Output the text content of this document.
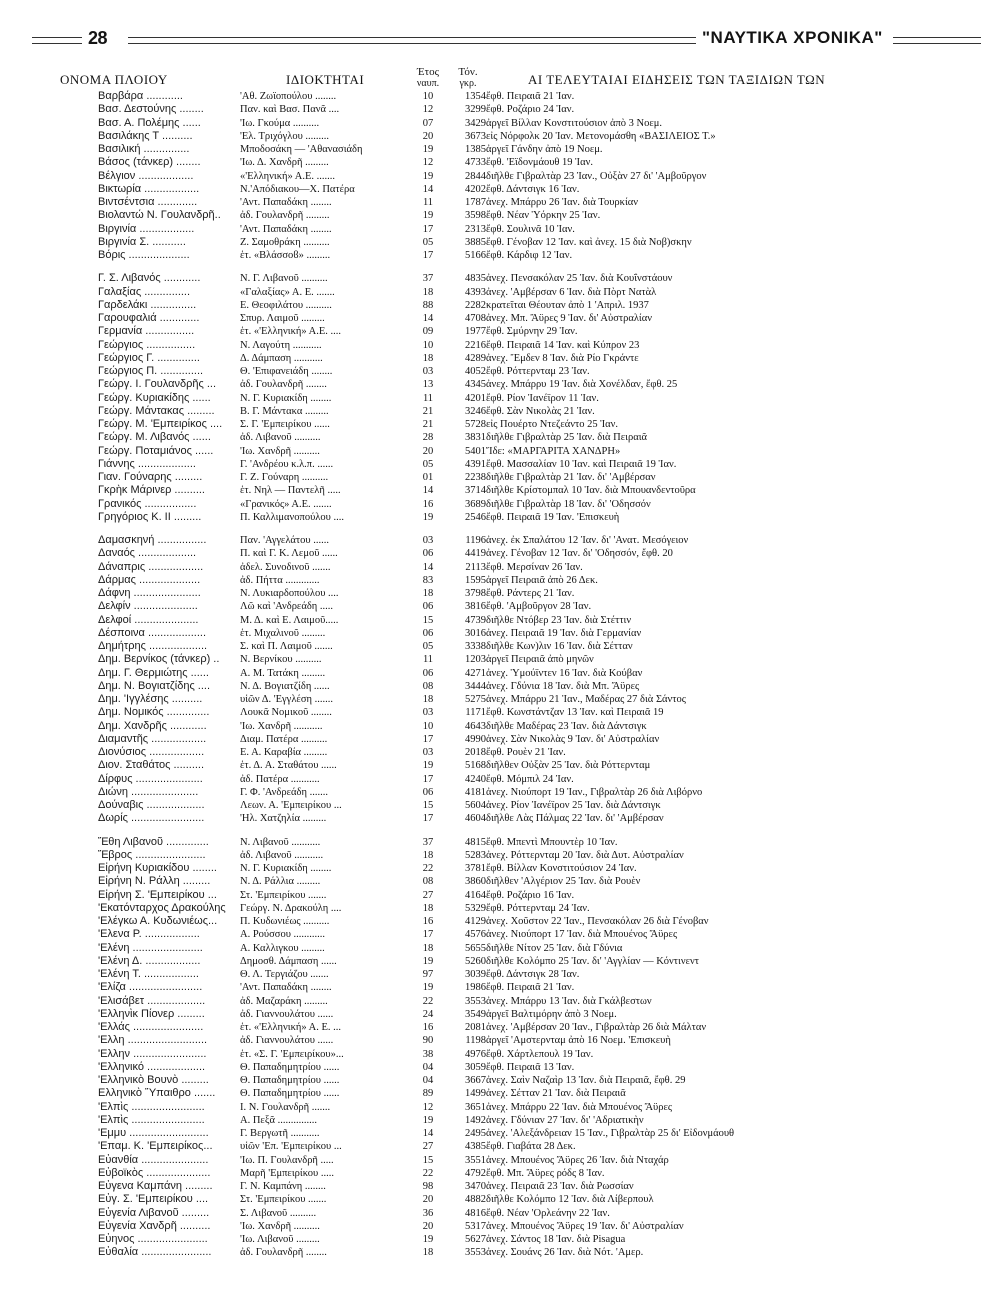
28	"ΝΑΥΤΙΚΑ ΧΡΟΝΙΚΑ"
ΟΝΟΜΑ ΠΛΟΙΟΥ	ΙΔΙΟΚΤΗΤΑΙ	Έτος
ναυπ.
Τόν.
γκρ.	ΑΙ ΤΕΛΕΥΤΑΙΑΙ ΕΙΔΗΣΕΙΣ ΤΩΝ ΤΑΞΙΔΙΩΝ ΤΩΝ
Βαρβάρα ............	'Αθ. Ζωϊοπούλου ........	10	1354 ἔφθ. Πειραιᾶ 21 Ἰαν.
Βασ. Δεστούνης ........	Παν. καὶ Βασ. Πανᾶ ....	12	3299 ἔφθ. Ροζάριο 24 Ἰαν.
Βασ. Α. Πολέμης ......	'Ιω. Γκούμα ..........	07	3429 ἀργεῖ Βίλλαν Κονστιτούσιον ἀπὸ 3 Νοεμ.
Βασιλάκης Τ ..........	'Ελ. Τριχόγλου .........	20	3673 εἰς Νόρφολκ 20 Ἰαν. Μετονομάσθη «ΒΑΣΙΛΕΙΟΣ Τ.»
Βασιλική ...............	Μποδοσάκη — 'Αθανασιάδη	19	1385 ἀργεῖ Γάνδην ἀπὸ 19 Νοεμ.
Βάσος (τάνκερ) ........	'Ιω. Δ. Χανδρῆ .........	12	4733 ἔφθ. 'Εϊδονμάουθ 19 Ἰαν.
Βέλγιον ..................	«'Ελληνική» Α.Ε. .......	19	2844 διῆλθε Γιβραλτὰρ 23 Ἰαν., Οὐξὰν 27 δι' 'Αμβοῦργον
Βικτωρία ..................	Ν.'Απόδιακου—Χ. Πατέρα	14	4202 ἔφθ. Δάντσιγκ 16 Ἰαν.
Βιντσέντσια .............	'Αντ. Παπαδάκη ........	11	1787 ἀνεχ. Μπάρρυ 26 Ἰαν. διὰ Τουρκίαν
Βιολαντώ Ν. Γουλανδρῆ..	ἀδ. Γουλανδρῆ .........	19	3598 ἔφθ. Νέαν Ὑόρκην 25 Ἰαν.
Βιργινία ..................	'Αντ. Παπαδάκη ........	17	2313 ἔφθ. Σουλινᾶ 10 Ἰαν.
Βιργινία Σ. ...........	Ζ. Σαμοθράκη ..........	05	3885 ἔφθ. Γένοβαν 12 Ἰαν. καὶ ἀνεχ. 15 διὰ Νοβ)σκην
Βόρις ....................	ἑτ. «Βλάσσοϐ» .........	17	5166 ἔφθ. Κάρδιφ 12 Ἰαν.
Γ. Σ. Λιβανός ............	Ν. Γ. Λιβανοῦ ..........	37	4835 ἀνεχ. Πενσακόλαν 25 Ἰαν. διὰ Κουΐνστάουν
Γαλαξίας ...............	«Γαλαξίας» Α. Ε. .......	18	4393 ἀνεχ. 'Αμβέρσαν 6 Ἰαν. διὰ Πὸρτ Νατὰλ
Γαρδελάκι ...............	Ε. Θεοφιλάτου ..........	88	2282 κρατεῖται Θέουταν ἀπὸ 1 'Απριλ. 1937
Γαρουφαλιά .............	Σπυρ. Λαιμοῦ .........	14	4708 ἀνεχ. Μπ. Ἄϋρες 9 Ἰαν. δι' Αὐστραλίαν
Γερμανία ................	ἑτ. «'Ελληνική» Α.Ε. ....	09	1977 ἔφθ. Σμύρνην 29 Ἰαν.
Γεώργιος ................	Ν. Λαγούτη ...........	10	2216 ἔφθ. Πειραιᾶ 14 Ἰαν. καὶ Κύπρον 23
Γεώργιος Γ. ..............	Δ. Δάμπαση ...........	18	4289 ἀνεχ. Ἔμδεν 8 Ἰαν. διὰ Ρίο Γκράντε
Γεώργιος Π. ..............	Θ. 'Επιφανειάδη ........	03	4052 ἔφθ. Ρόττερνταμ 23 Ἰαν.
Γεώργ. Ι. Γουλανδρῆς ...	ἀδ. Γουλανδρῆ ........	13	4345 ἀνεχ. Μπάρρυ 19 Ἰαν. διὰ Χονέλδαν, ἔφθ. 25
Γεώργ. Κυριακίδης ......	Ν. Γ. Κυριακίδη ........	11	4201 ἔφθ. Ρίον Ἰανέϊρον 11 Ἰαν.
Γεώργ. Μάντακας .........	Β. Γ. Μάντακα .........	21	3246 ἔφθ. Σὰν Νικολὰς 21 Ἰαν.
Γεώργ. Μ. 'Εμπειρίκος ....	Σ. Γ. 'Εμπειρίκου ......	21	5728 εἰς Πουέρτο Ντεζεάντο 25 Ἰαν.
Γεώργ. Μ. Λιβανός ......	ἀδ. Λιβανοῦ ..........	28	3831 διῆλθε Γιβραλτὰρ 25 Ἰαν. διὰ Πειραιᾶ
Γεώργ. Ποταμιάνος ......	'Ιω. Χανδρῆ ..........	20	5401 Ἴδε: «ΜΑΡΓΑΡΙΤΑ ΧΑΝΔΡΗ»
Γιάννης ...................	Γ. 'Ανδρέου κ.λ.π. ......	05	4391 ἔφθ. Μασσαλίαν 10 Ἰαν. καὶ Πειραιᾶ 19 Ἰαν.
Γιαν. Γούναρης .........	Γ. Ζ. Γούναρη ..........	01	2238 διῆλθε Γιβραλτὰρ 21 Ἰαν. δι' 'Αμβέρσαν
Γκρὴκ Μάρινερ ..........	ἑτ. Νηλ — Παντελῆ .....	14	3714 διῆλθε Κρίστομπαλ 10 Ἰαν. διὰ Μπουανδεντοῦρα
Γρανικός .................	«Γρανικός» Α.Ε. .......	16	3689 διῆλθε Γιβραλτὰρ 18 Ἰαν. δι' 'Οδησσόν
Γρηγόριος Κ. ΙΙ .........	Π. Καλλιμανοπούλου ....	19	2546 ἔφθ. Πειραιᾶ 19 Ἰαν. 'Επισκευὴ
Δαμασκηνή ................	Παν. 'Αγγελάτου ......	03	1196 ἀνεχ. ἐκ Σπαλάτου 12 Ἰαν. δι' 'Ανατ. Μεσόγειον
Δαναός ...................	Π. καὶ Γ. Κ. Λεμοῦ ......	06	4419 ἀνεχ. Γένοβαν 12 Ἰαν. δι' 'Οδησσόν, ἔφθ. 20
Δάναπρις ..................	ἀδελ. Συνοδινοῦ .......	14	2113 ἔφθ. Μερσίναν 26 Ἰαν.
Δάρμας ....................	ἀδ. Πήττα .............	83	1595 ἀργεῖ Πειραιᾶ ἀπὸ 26 Δεκ.
Δάφνη ......................	Ν. Λυκιαρδοπούλου ....	18	3798 ἔφθ. Ράντερς 21 Ἰαν.
Δελφίν .....................	Λῶ καὶ 'Ανδρεάδη .....	06	3816 ἔφθ. 'Αμβοῦργον 28 Ἰαν.
Δελφοί .....................	Μ. Δ. καὶ Ε. Λαιμοῦ.....	15	4739 διῆλθε Ντόβερ 23 Ἰαν. διὰ Στέττιν
Δέσποινα ...................	ἑτ. Μιχαλινοῦ .........	06	3016 ἀνεχ. Πειραιᾶ 19 Ἰαν. διὰ Γερμανίαν
Δημήτρης ...................	Σ. καὶ Π. Λαιμοῦ .......	05	3338 διῆλθε Κων)λιν 16 Ἰαν. διὰ Σέτταν
Δημ. Βερνίκος (τάνκερ) ..	Ν. Βερνίκου ..........	11	1203 ἀργεῖ Πειραιᾶ ἀπὸ μηνῶν
Δημ. Γ. Θερμιώτης ......	Α. Μ. Τατάκη .........	06	4271 ἀνεχ. Ὑμούϊντεν 16 Ἰαν. διὰ Κούβαν
Δημ. Ν. Βογιατζίδης ....	Ν. Δ. Βογιατζίδη ......	08	3444 ἀνεχ. Γδύνια 18 Ἰαν. διὰ Μπ. Ἄϋρες
Δημ. 'Ιγγλέσης ..........	υἱῶν Δ. 'Εγγλέση .......	18	5275 ἀνεχ. Μπάρρυ 21 Ἰαν., Μαδέρας 27 διὰ Σάντος
Δημ. Νομικός ..............	Λουκᾶ Νομικοῦ ........	03	1171 ἔφθ. Κωνστάντζαν 13 Ἰαν. καὶ Πειραιᾶ 19
Δημ. Χανδρῆς ............	'Ιω. Χανδρῆ ...........	10	4643 διῆλθε Μαδέρας 23 Ἰαν. διὰ Δάντσιγκ
Διαμαντῆς ..................	Διαμ. Πατέρα ..........	17	4990 ἀνεχ. Σὰν Νικολὰς 9 Ἰαν. δι' Αὐστραλίαν
Διονύσιος ..................	Ε. Α. Καραβία .........	03	2018 ἔφθ. Ρουὲν 21 Ἰαν.
Διον. Σταθάτος ..........	ἑτ. Δ. Α. Σταθάτου ......	19	5168 διῆλθεν Οὐξὰν 25 Ἰαν. διὰ Ρόττερνταμ
Δίρφυς ......................	ἀδ. Πατέρα ...........	17	4240 ἔφθ. Μόμπιλ 24 Ἰαν.
Διώνη ......................	Γ. Φ. 'Ανδρεάδη .......	06	4181 ἀνεχ. Νιούπορτ 19 Ἰαν., Γιβραλτὰρ 26 διὰ Λιβόρνο
Δούναβις ...................	Λεων. Α. 'Εμπειρίκου ...	15	5604 ἀνεχ. Ρίον Ἰανέϊρον 25 Ἰαν. διὰ Δάντσιγκ
Δωρίς ........................	'Ηλ. Χατζηλία .........	17	4604 διῆλθε Λὰς Πάλμας 22 Ἰαν. δι' 'Αμβέρσαν
Ἔθη Λιβανοῦ ..............	Ν. Λιβανοῦ ...........	37	4815 ἔφθ. Μπεντὶ Μπουντὲρ 10 Ἰαν.
Ἔβρος .......................	ἀδ. Λιβανοῦ ...........	18	5283 ἀνεχ. Ρόττερνταμ 20 Ἰαν. διὰ Δυτ. Αὐστραλίαν
Εἰρήνη Κυριακίδου ........	Ν. Γ. Κυριακίδη ........	22	3781 ἔφθ. Βίλλαν Κονστιτούσιον 24 Ἰαν.
Εἰρήνη Ν. Ράλλη .........	Ν. Δ. Ράλλια .........	08	3860 διῆλθεν 'Αλγέριον 25 Ἰαν. διὰ Ρουὲν
Εἰρήνη Σ. 'Εμπειρίκου ...	Στ. 'Εμπειρίκου .......	27	4164 ἔφθ. Ροζάριο 16 Ἰαν.
'Εκατόνταρχος Δρακούλης	Γεώργ. Ν. Δρακούλη ....	18	5329 ἔφθ. Ρόττερνταμ 24 Ἰαν.
'Ελέγκω Α. Κυδωνιέως...	Π. Κυδωνιέως ..........	16	4129 ἀνεχ. Χοῦστον 22 Ἰαν., Πενσακόλαν 26 διὰ Γένοβαν
'Ελενα Ρ. ..................	Α. Ρούσσου ............	17	4576 ἀνεχ. Νιούπορτ 17 Ἰαν. διὰ Μπουένος Ἄϋρες
'Ελένη .......................	Α. Καλλιγκου .........	18	5655 διῆλθε Νίτον 25 Ἰαν. διὰ Γδύνια
'Ελένη Δ. ..................	Δημοσθ. Δάμπαση ......	19	5260 διῆλθε Κολόμπο 25 Ἰαν. δι' 'Αγγλίαν — Κόντινεντ
'Ελένη Τ. ..................	Θ. Λ. Τεργιάζου .......	97	3039 ἔφθ. Δάντσιγκ 28 Ἰαν.
'Ελίζα ........................	'Αντ. Παπαδάκη ........	19	1986 ἔφθ. Πειραιᾶ 21 Ἰαν.
'Ελισάβετ ...................	ἀδ. Μαζαράκη .........	22	3553 ἀνεχ. Μπάρρυ 13 Ἰαν. διὰ Γκάλβεστων
'Ελληνὶκ Πίονερ .........	ἀδ. Γιαννουλάτου ......	24	3549 ἀργεῖ Βαλτιμόρην ἀπὸ 3 Νοεμ.
'Ελλάς .......................	ἑτ. «'Ελληνική» Α. Ε. ...	16	2081 ἀνεχ. 'Αμβέρσαν 20 Ἰαν., Γιβραλτὰρ 26 διὰ Μάλταν
'Ελλη ..........................	ἀδ. Γιαννουλάτου ......	90	1198 ἀργεῖ 'Αμστερνταμ ἀπὸ 16 Νοεμ. 'Επισκευὴ
'Ελλην ........................	ἑτ. «Σ. Γ. 'Εμπειρίκου»...	38	4976 ἔφθ. Χάρτλεπουλ 19 Ἰαν.
'Ελληνικό ...................	Θ. Παπαδημητρίου ......	04	3059 ἔφθ. Πειραιᾶ 13 Ἰαν.
'Ελληνικὸ Βουνὸ .........	Θ. Παπαδημητρίου ......	04	3667 ἀνεχ. Σαὶν Ναζαὶρ 13 Ἰαν. διὰ Πειραιᾶ, ἔφθ. 29
Ελληνικὸ Ὕπαιθρο .......	Θ. Παπαδημητρίου ......	89	1499 ἀνεχ. Σέτταν 21 Ἰαν. διὰ Πειραιᾶ
'Ελπὶς ........................	Ι. Ν. Γουλανδρῆ .......	12	3651 ἀνεχ. Μπάρρυ 22 Ἰαν. διὰ Μπουένος Ἄϋρες
'Ελπὶς ........................	Α. Πεξᾶ ...............	19	1492 ἀνεχ. Γδύνιαν 27 Ἰαν. δι' 'Αδριατικὴν
'Εμμυ ..........................	Γ. Βεργωτῆ ...........	14	2495 ἀνεχ. 'Αλεξάνδρειαν 15 Ἰαν., Γιβραλτὰρ 25 δι' Εἰδονμάουθ
'Επαμ. Κ. 'Εμπειρίκος...	υἱῶν 'Επ. 'Εμπειρίκου ...	27	4385 ἔφθ. Γιαβάτα 28 Δεκ.
Εὐανθία ......................	'Ιω. Π. Γουλανδρῆ .....	15	3551 ἀνεχ. Μπουένος Ἄϋρες 26 Ἰαν. διὰ Νταχάρ
Εὐβοϊκὸς .....................	Μαρῆ 'Εμπειρίκου .....	22	4792 ἔφθ. Μπ. Ἄϋρες ρόδς 8 Ἰαν.
Εὐγενα Καμπάνη .........	Γ. Ν. Καμπάνη ........	98	3470 ἀνεχ. Πειραιᾶ 23 Ἰαν. διὰ Ρωσσίαν
Εὐγ. Σ. 'Εμπειρίκου ....	Στ. 'Εμπειρίκου .......	20	4882 διῆλθε Κολόμπο 12 Ἰαν. διὰ Λίβερπουλ
Εὐγενία Λιβανοῦ .........	Σ. Λιβανοῦ ..........	36	4816 ἔφθ. Νέαν 'Ορλεάνην 22 Ἰαν.
Εὐγενία Χανδρῆ ..........	'Ιω. Χανδρῆ ..........	20	5317 ἀνεχ. Μπουένος Ἄϋρες 19 Ἰαν. δι' Αὐστραλίαν
Εὐηνος .......................	'Ιω. Λιβανοῦ .........	19	5627 ἀνεχ. Σάντος 18 Ἰαν. διὰ Pisagua
Εὐθαλία .......................	ἀδ. Γουλανδρῆ ........	18	3553 ἀνεχ. Σουάνς 26 Ἰαν. διὰ Νότ. 'Αμερ.
